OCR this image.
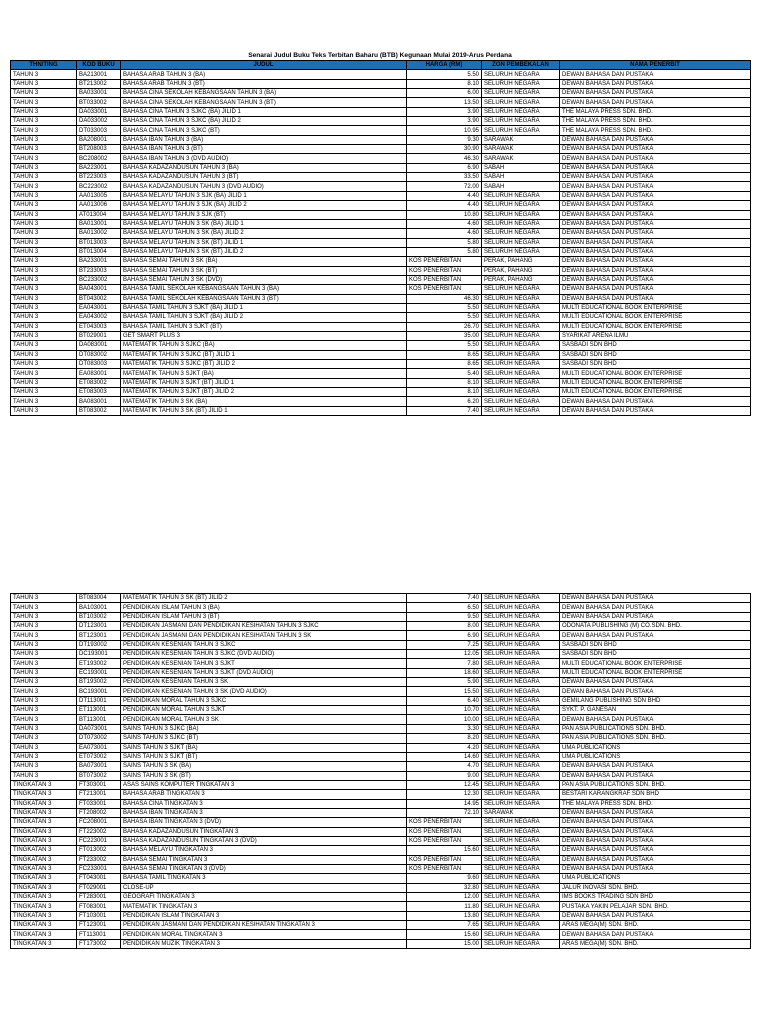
Senarai Judul Buku Teks Terbitan Baharu (BTB) Kegunaan Mulai 2019-Arus Perdana
THN/TING	KOD BUKU	JUDUL	HARGA (RM)	ZON PEMBEKALAN	NAMA PENERBIT
TAHUN 3	BA213001	BAHASA ARAB TAHUN 3 (BA)	5.50	SELURUH NEGARA	DEWAN BAHASA DAN PUSTAKA
TAHUN 3	BT213002	BAHASA ARAB TAHUN 3 (BT)	8.10	SELURUH NEGARA	DEWAN BAHASA DAN PUSTAKA
TAHUN 3	BA033001	BAHASA CINA SEKOLAH KEBANGSAAN TAHUN 3 (BA)	6.00	SELURUH NEGARA	DEWAN BAHASA DAN PUSTAKA
TAHUN 3	BT033002	BAHASA CINA SEKOLAH KEBANGSAAN TAHUN 3 (BT)	13.50	SELURUH NEGARA	DEWAN BAHASA DAN PUSTAKA
TAHUN 3	DA033001	BAHASA CINA TAHUN 3 SJKC (BA) JILID 1	3.90	SELURUH NEGARA	THE MALAYA PRESS SDN. BHD.
TAHUN 3	DA033002	BAHASA CINA TAHUN 3 SJKC (BA) JILID 2	3.90	SELURUH NEGARA	THE MALAYA PRESS SDN. BHD.
TAHUN 3	DT033003	BAHASA CINA TAHUN 3 SJKC (BT)	10.95	SELURUH NEGARA	THE MALAYA PRESS SDN. BHD.
TAHUN 3	BA208001	BAHASA IBAN TAHUN 3 (BA)	9.30	SARAWAK	DEWAN BAHASA DAN PUSTAKA
TAHUN 3	BT208003	BAHASA IBAN TAHUN 3 (BT)	30.90	SARAWAK	DEWAN BAHASA DAN PUSTAKA
TAHUN 3	BC208002	BAHASA IBAN TAHUN 3 (DVD AUDIO)	46.30	SARAWAK	DEWAN BAHASA DAN PUSTAKA
TAHUN 3	BA223001	BAHASA KADAZANDUSUN TAHUN 3 (BA)	6.90	SABAH	DEWAN BAHASA DAN PUSTAKA
TAHUN 3	BT223003	BAHASA KADAZANDUSUN TAHUN 3 (BT)	33.50	SABAH	DEWAN BAHASA DAN PUSTAKA
TAHUN 3	BC223002	BAHASA KADAZANDUSUN TAHUN 3 (DVD AUDIO)	72.00	SABAH	DEWAN BAHASA DAN PUSTAKA
TAHUN 3	AA013005	BAHASA MELAYU TAHUN 3 SJK (BA) JILID 1	4.40	SELURUH NEGARA	DEWAN BAHASA DAN PUSTAKA
TAHUN 3	AA013006	BAHASA MELAYU TAHUN 3 SJK (BA) JILID 2	4.40	SELURUH NEGARA	DEWAN BAHASA DAN PUSTAKA
TAHUN 3	AT013004	BAHASA MELAYU TAHUN 3 SJK (BT)	10.80	SELURUH NEGARA	DEWAN BAHASA DAN PUSTAKA
TAHUN 3	BA013001	BAHASA MELAYU TAHUN 3 SK (BA) JILID 1	4.60	SELURUH NEGARA	DEWAN BAHASA DAN PUSTAKA
TAHUN 3	BA013002	BAHASA MELAYU TAHUN 3 SK (BA) JILID 2	4.60	SELURUH NEGARA	DEWAN BAHASA DAN PUSTAKA
TAHUN 3	BT013003	BAHASA MELAYU TAHUN 3 SK (BT) JILID 1	5.80	SELURUH NEGARA	DEWAN BAHASA DAN PUSTAKA
TAHUN 3	BT013004	BAHASA MELAYU TAHUN 3 SK (BT) JILID 2	5.80	SELURUH NEGARA	DEWAN BAHASA DAN PUSTAKA
TAHUN 3	BA233001	BAHASA SEMAI TAHUN 3 SK (BA)	KOS PENERBITAN	PERAK, PAHANG	DEWAN BAHASA DAN PUSTAKA
TAHUN 3	BT233003	BAHASA SEMAI TAHUN 3 SK (BT)	KOS PENERBITAN	PERAK, PAHANG	DEWAN BAHASA DAN PUSTAKA
TAHUN 3	BC233002	BAHASA SEMAI TAHUN 3 SK (DVD)	KOS PENERBITAN	PERAK, PAHANG	DEWAN BAHASA DAN PUSTAKA
TAHUN 3	BA043001	BAHASA TAMIL SEKOLAH KEBANGSAAN TAHUN 3 (BA)	KOS PENERBITAN	SELURUH NEGARA	DEWAN BAHASA DAN PUSTAKA
TAHUN 3	BT043002	BAHASA TAMIL SEKOLAH KEBANGSAAN TAHUN 3 (BT)	46.30	SELURUH NEGARA	DEWAN BAHASA DAN PUSTAKA
TAHUN 3	EA043001	BAHASA TAMIL TAHUN 3 SJKT (BA) JILID 1	5.50	SELURUH NEGARA	MULTI EDUCATIONAL BOOK ENTERPRISE
TAHUN 3	EA043002	BAHASA TAMIL TAHUN 3 SJKT (BA) JILID 2	5.50	SELURUH NEGARA	MULTI EDUCATIONAL BOOK ENTERPRISE
TAHUN 3	ET043003	BAHASA TAMIL TAHUN 3 SJKT (BT)	26.70	SELURUH NEGARA	MULTI EDUCATIONAL BOOK ENTERPRISE
TAHUN 3	BT029001	GET SMART PLUS 3	35.00	SELURUH NEGARA	SYARIKAT ARENA ILMU
TAHUN 3	DA083001	MATEMATIK TAHUN 3 SJKC (BA)	5.50	SELURUH NEGARA	SASBADI SDN BHD
TAHUN 3	DT083002	MATEMATIK TAHUN 3 SJKC (BT) JILID 1	8.65	SELURUH NEGARA	SASBADI SDN BHD
TAHUN 3	DT083003	MATEMATIK TAHUN 3 SJKC (BT) JILID 2	8.65	SELURUH NEGARA	SASBADI SDN BHD
TAHUN 3	EA083001	MATEMATIK TAHUN 3 SJKT (BA)	5.40	SELURUH NEGARA	MULTI EDUCATIONAL BOOK ENTERPRISE
TAHUN 3	ET083002	MATEMATIK TAHUN 3 SJKT (BT) JILID 1	8.10	SELURUH NEGARA	MULTI EDUCATIONAL BOOK ENTERPRISE
TAHUN 3	ET083003	MATEMATIK TAHUN 3 SJKT (BT) JILID 2	8.10	SELURUH NEGARA	MULTI EDUCATIONAL BOOK ENTERPRISE
TAHUN 3	BA083001	MATEMATIK TAHUN 3 SK (BA)	6.20	SELURUH NEGARA	DEWAN BAHASA DAN PUSTAKA
TAHUN 3	BT083002	MATEMATIK TAHUN 3 SK (BT) JILID 1	7.40	SELURUH NEGARA	DEWAN BAHASA DAN PUSTAKA
TAHUN 3	BT083004	MATEMATIK TAHUN 3 SK (BT) JILID 2	7.40	SELURUH NEGARA	DEWAN BAHASA DAN PUSTAKA
TAHUN 3	BA103001	PENDIDIKAN ISLAM TAHUN 3 (BA)	6.50	SELURUH NEGARA	DEWAN BAHASA DAN PUSTAKA
TAHUN 3	BT103002	PENDIDIKAN ISLAM TAHUN 3 (BT)	9.50	SELURUH NEGARA	DEWAN BAHASA DAN PUSTAKA
TAHUN 3	DT123001	PENDIDIKAN JASMANI DAN PENDIDIKAN KESIHATAN TAHUN 3 SJKC	8.00	SELURUH NEGARA	ODONATA PUBLISHING (M) CO.SDN. BHD.
TAHUN 3	BT123001	PENDIDIKAN JASMANI DAN PENDIDIKAN KESIHATAN TAHUN 3 SK	6.90	SELURUH NEGARA	DEWAN BAHASA DAN PUSTAKA
TAHUN 3	DT193002	PENDIDIKAN KESENIAN TAHUN 3 SJKC	7.25	SELURUH NEGARA	SASBADI SDN BHD
TAHUN 3	DC193001	PENDIDIKAN KESENIAN TAHUN 3 SJKC (DVD AUDIO)	12.05	SELURUH NEGARA	SASBADI SDN BHD
TAHUN 3	ET193002	PENDIDIKAN KESENIAN TAHUN 3 SJKT	7.80	SELURUH NEGARA	MULTI EDUCATIONAL BOOK ENTERPRISE
TAHUN 3	EC193001	PENDIDIKAN KESENIAN TAHUN 3 SJKT (DVD AUDIO)	18.60	SELURUH NEGARA	MULTI EDUCATIONAL BOOK ENTERPRISE
TAHUN 3	BT193002	PENDIDIKAN KESENIAN TAHUN 3 SK	5.90	SELURUH NEGARA	DEWAN BAHASA DAN PUSTAKA
TAHUN 3	BC193001	PENDIDIKAN KESENIAN TAHUN 3 SK (DVD AUDIO)	15.50	SELURUH NEGARA	DEWAN BAHASA DAN PUSTAKA
TAHUN 3	DT113001	PENDIDIKAN MORAL TAHUN 3 SJKC	6.40	SELURUH NEGARA	GEMILANG PUBLISHING SDN BHD
TAHUN 3	ET113001	PENDIDIKAN MORAL TAHUN 3 SJKT	10.70	SELURUH NEGARA	SYKT. P. GANESAN
TAHUN 3	BT113001	PENDIDIKAN MORAL TAHUN 3 SK	10.00	SELURUH NEGARA	DEWAN BAHASA DAN PUSTAKA
TAHUN 3	DA073001	SAINS TAHUN 3 SJKC (BA)	3.30	SELURUH NEGARA	PAN ASIA PUBLICATIONS SDN. BHD.
TAHUN 3	DT073002	SAINS TAHUN 3 SJKC (BT)	8.20	SELURUH NEGARA	PAN ASIA PUBLICATIONS SDN. BHD.
TAHUN 3	EA073001	SAINS TAHUN 3 SJKT (BA)	4.20	SELURUH NEGARA	UMA PUBLICATIONS
TAHUN 3	ET073002	SAINS TAHUN 3 SJKT (BT)	14.60	SELURUH NEGARA	UMA PUBLICATIONS
TAHUN 3	BA073001	SAINS TAHUN 3 SK (BA)	4.70	SELURUH NEGARA	DEWAN BAHASA DAN PUSTAKA
TAHUN 3	BT073002	SAINS TAHUN 3 SK (BT)	9.00	SELURUH NEGARA	DEWAN BAHASA DAN PUSTAKA
TINGKATAN 3	FT303001	ASAS SAINS KOMPUTER TINGKATAN 3	12.45	SELURUH NEGARA	PAN ASIA PUBLICATIONS SDN. BHD.
TINGKATAN 3	FT213001	BAHASA ARAB TINGKATAN 3	12.30	SELURUH NEGARA	BESTARI KARANGKRAF SDN BHD
TINGKATAN 3	FT033001	BAHASA CINA TINGKATAN 3	14.95	SELURUH NEGARA	THE MALAYA PRESS SDN. BHD.
TINGKATAN 3	FT208002	BAHASA IBAN TINGKATAN 3	72.10	SARAWAK	DEWAN BAHASA DAN PUSTAKA
TINGKATAN 3	FC208001	BAHASA IBAN TINGKATAN 3 (DVD)	KOS PENERBITAN	SELURUH NEGARA	DEWAN BAHASA DAN PUSTAKA
TINGKATAN 3	FT223002	BAHASA KADAZANDUSUN TINGKATAN 3	KOS PENERBITAN	SELURUH NEGARA	DEWAN BAHASA DAN PUSTAKA
TINGKATAN 3	FC223001	BAHASA KADAZANDUSUN TINGKATAN 3 (DVD)	KOS PENERBITAN	SELURUH NEGARA	DEWAN BAHASA DAN PUSTAKA
TINGKATAN 3	FT013002	BAHASA MELAYU TINGKATAN 3	15.60	SELURUH NEGARA	DEWAN BAHASA DAN PUSTAKA
TINGKATAN 3	FT233002	BAHASA SEMAI TINGKATAN 3	KOS PENERBITAN	SELURUH NEGARA	DEWAN BAHASA DAN PUSTAKA
TINGKATAN 3	FC233001	BAHASA SEMAI TINGKATAN 3 (DVD)	KOS PENERBITAN	SELURUH NEGARA	DEWAN BAHASA DAN PUSTAKA
TINGKATAN 3	FT043001	BAHASA TAMIL TINGKATAN 3	9.60	SELURUH NEGARA	UMA PUBLICATIONS
TINGKATAN 3	FT029001	CLOSE-UP	32.80	SELURUH NEGARA	JALUR INOVASI SDN. BHD.
TINGKATAN 3	FT283001	GEOGRAFI TINGKATAN 3	12.00	SELURUH NEGARA	IMS BOOKS TRADING SDN BHD
TINGKATAN 3	FT083001	MATEMATIK TINGKATAN 3	11.80	SELURUH NEGARA	PUSTAKA YAKIN PELAJAR SDN. BHD.
TINGKATAN 3	FT103001	PENDIDIKAN ISLAM TINGKATAN 3	13.80	SELURUH NEGARA	DEWAN BAHASA DAN PUSTAKA
TINGKATAN 3	FT123001	PENDIDIKAN JASMANI DAN PENDIDIKAN KESIHATAN TINGKATAN 3	7.65	SELURUH NEGARA	ARAS MEGA(M) SDN. BHD.
TINGKATAN 3	FT113001	PENDIDIKAN MORAL TINGKATAN 3	15.60	SELURUH NEGARA	DEWAN BAHASA DAN PUSTAKA
TINGKATAN 3	FT173002	PENDIDIKAN MUZIK TINGKATAN 3	15.00	SELURUH NEGARA	ARAS MEGA(M) SDN. BHD.
